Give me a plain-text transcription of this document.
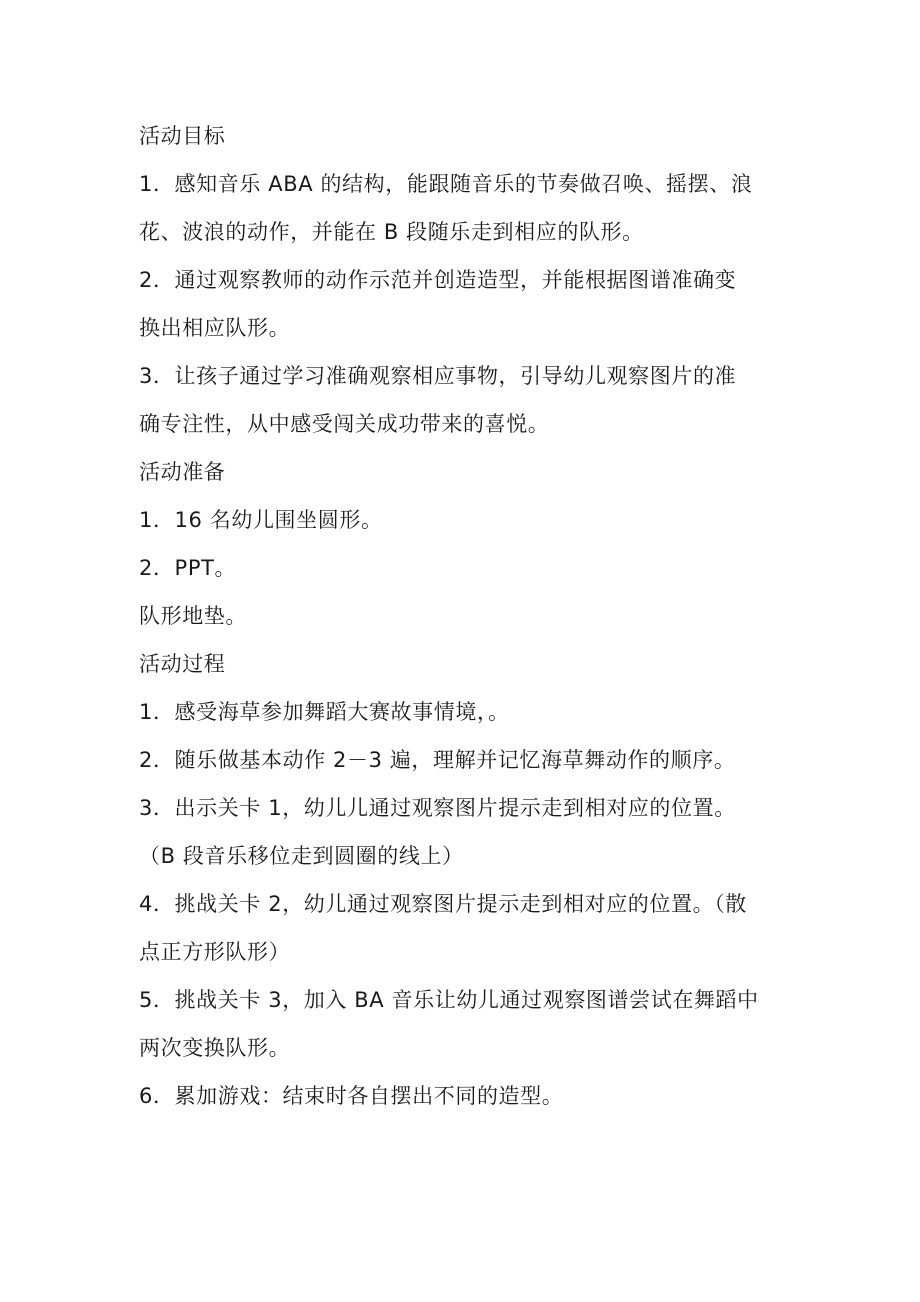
活动目标
1．感知音乐 ABA 的结构，能跟随音乐的节奏做召唤、摇摆、浪
花、波浪的动作，并能在 B 段随乐走到相应的队形。
2．通过观察教师的动作示范并创造造型，并能根据图谱准确变
换出相应队形。
3．让孩子通过学习准确观察相应事物，引导幼儿观察图片的准
确专注性，从中感受闯关成功带来的喜悦。
活动准备
1．16 名幼儿围坐圆形。
2．PPT。
队形地垫。
活动过程
1．感受海草参加舞蹈大赛故事情境，。
2．随乐做基本动作 2－3 遍，理解并记忆海草舞动作的顺序。
3．出示关卡 1，幼儿儿通过观察图片提示走到相对应的位置。
（B 段音乐移位走到圆圈的线上）
4．挑战关卡 2，幼儿通过观察图片提示走到相对应的位置。（散
点正方形队形）
5．挑战关卡 3，加入 BA 音乐让幼儿通过观察图谱尝试在舞蹈中
两次变换队形。
6．累加游戏：结束时各自摆出不同的造型。
